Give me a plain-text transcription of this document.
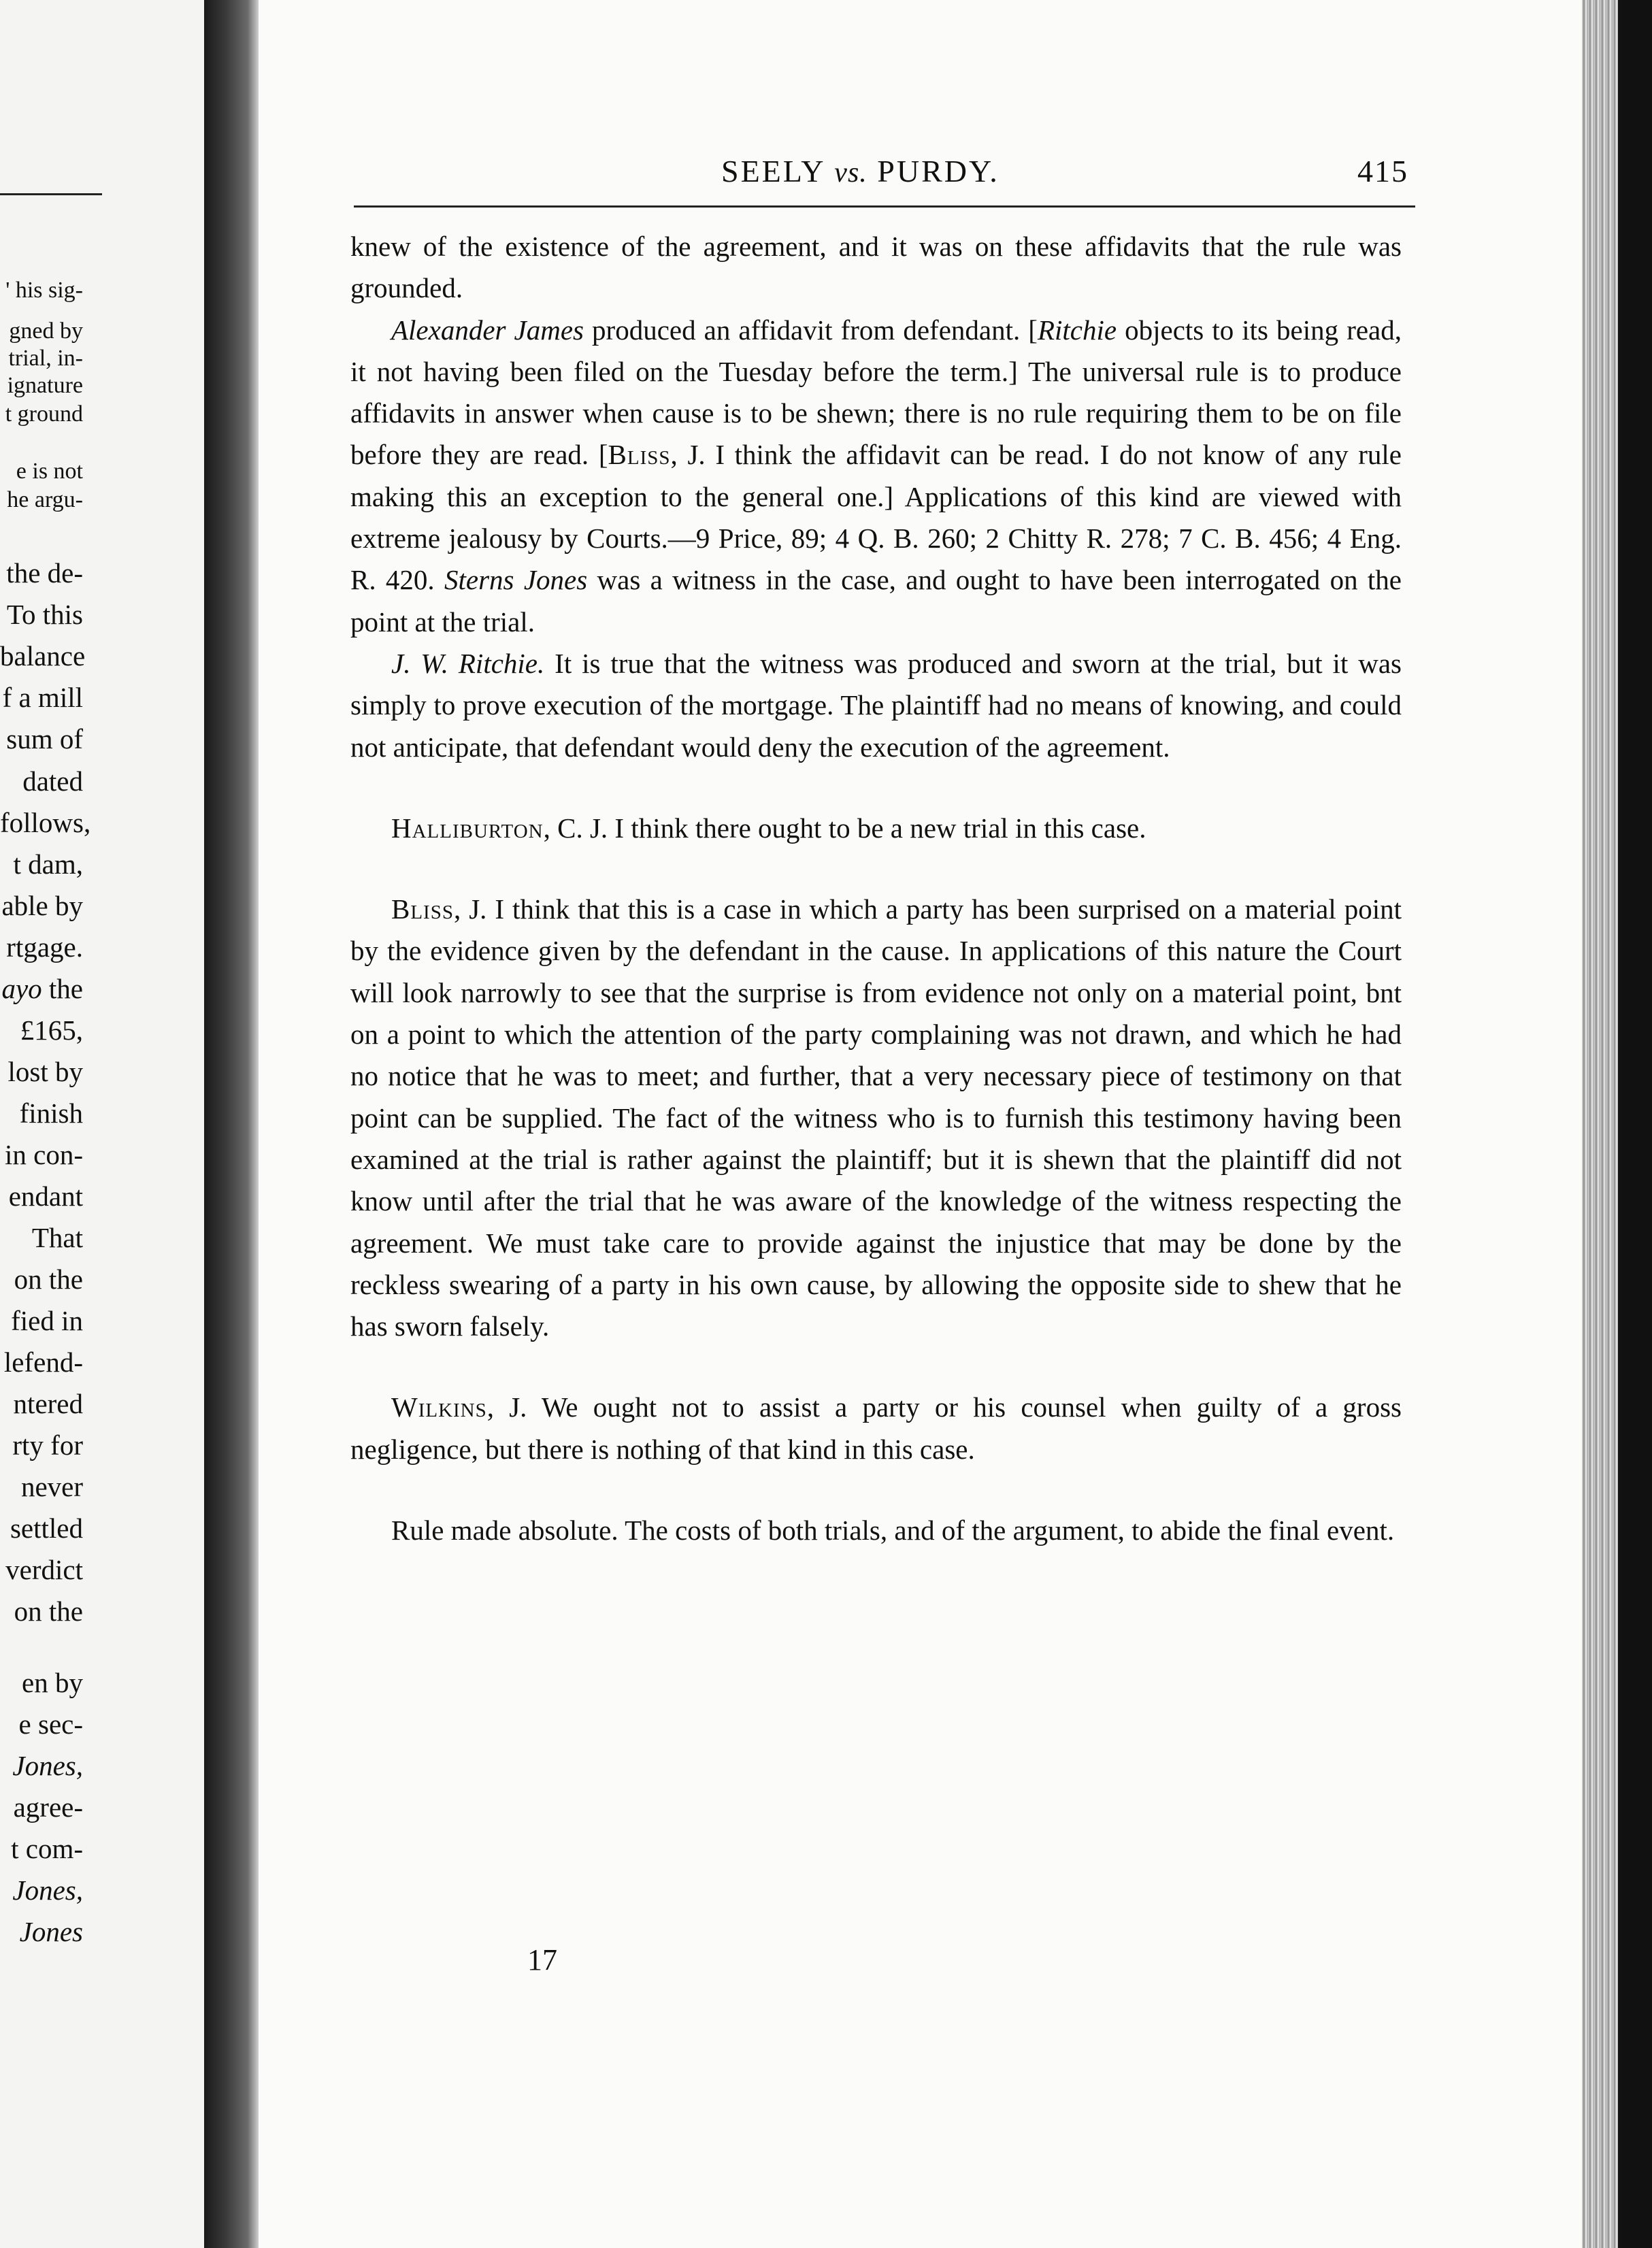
' his sig-
gned by
trial, in-
ignature
t ground
e is not
he argu-
the de-
To this
balance
f a mill
sum of
dated
follows,
t dam,
able by
rtgage.
ayo the
£165,
lost by
finish
in con-
endant
That
on the
fied in
lefend-
ntered
rty for
never
settled
verdict
on the
en by
e sec-
Jones,
agree-
t com-
Jones,
Jones
SEELY vs. PURDY.	415

knew of the existence of the agreement, and it was on these affidavits that the rule was grounded.

Alexander James produced an affidavit from defendant. [Ritchie objects to its being read, it not having been filed on the Tuesday before the term.] The universal rule is to produce affidavits in answer when cause is to be shewn; there is no rule requiring them to be on file before they are read. [Bliss, J. I think the affidavit can be read. I do not know of any rule making this an exception to the general one.] Applications of this kind are viewed with extreme jealousy by Courts.—9 Price, 89; 4 Q. B. 260; 2 Chitty R. 278; 7 C. B. 456; 4 Eng. R. 420. Sterns Jones was a witness in the case, and ought to have been interrogated on the point at the trial.

J. W. Ritchie. It is true that the witness was produced and sworn at the trial, but it was simply to prove execution of the mortgage. The plaintiff had no means of knowing, and could not anticipate, that defendant would deny the execution of the agreement.

Halliburton, C. J. I think there ought to be a new trial in this case.

Bliss, J. I think that this is a case in which a party has been surprised on a material point by the evidence given by the defendant in the cause. In applications of this nature the Court will look narrowly to see that the surprise is from evidence not only on a material point, bnt on a point to which the attention of the party complaining was not drawn, and which he had no notice that he was to meet; and further, that a very necessary piece of testimony on that point can be supplied. The fact of the witness who is to furnish this testimony having been examined at the trial is rather against the plaintiff; but it is shewn that the plaintiff did not know until after the trial that he was aware of the knowledge of the witness respecting the agreement. We must take care to provide against the injustice that may be done by the reckless swearing of a party in his own cause, by allowing the opposite side to shew that he has sworn falsely.

Wilkins, J. We ought not to assist a party or his counsel when guilty of a gross negligence, but there is nothing of that kind in this case.

Rule made absolute. The costs of both trials, and of the argument, to abide the final event.

17
